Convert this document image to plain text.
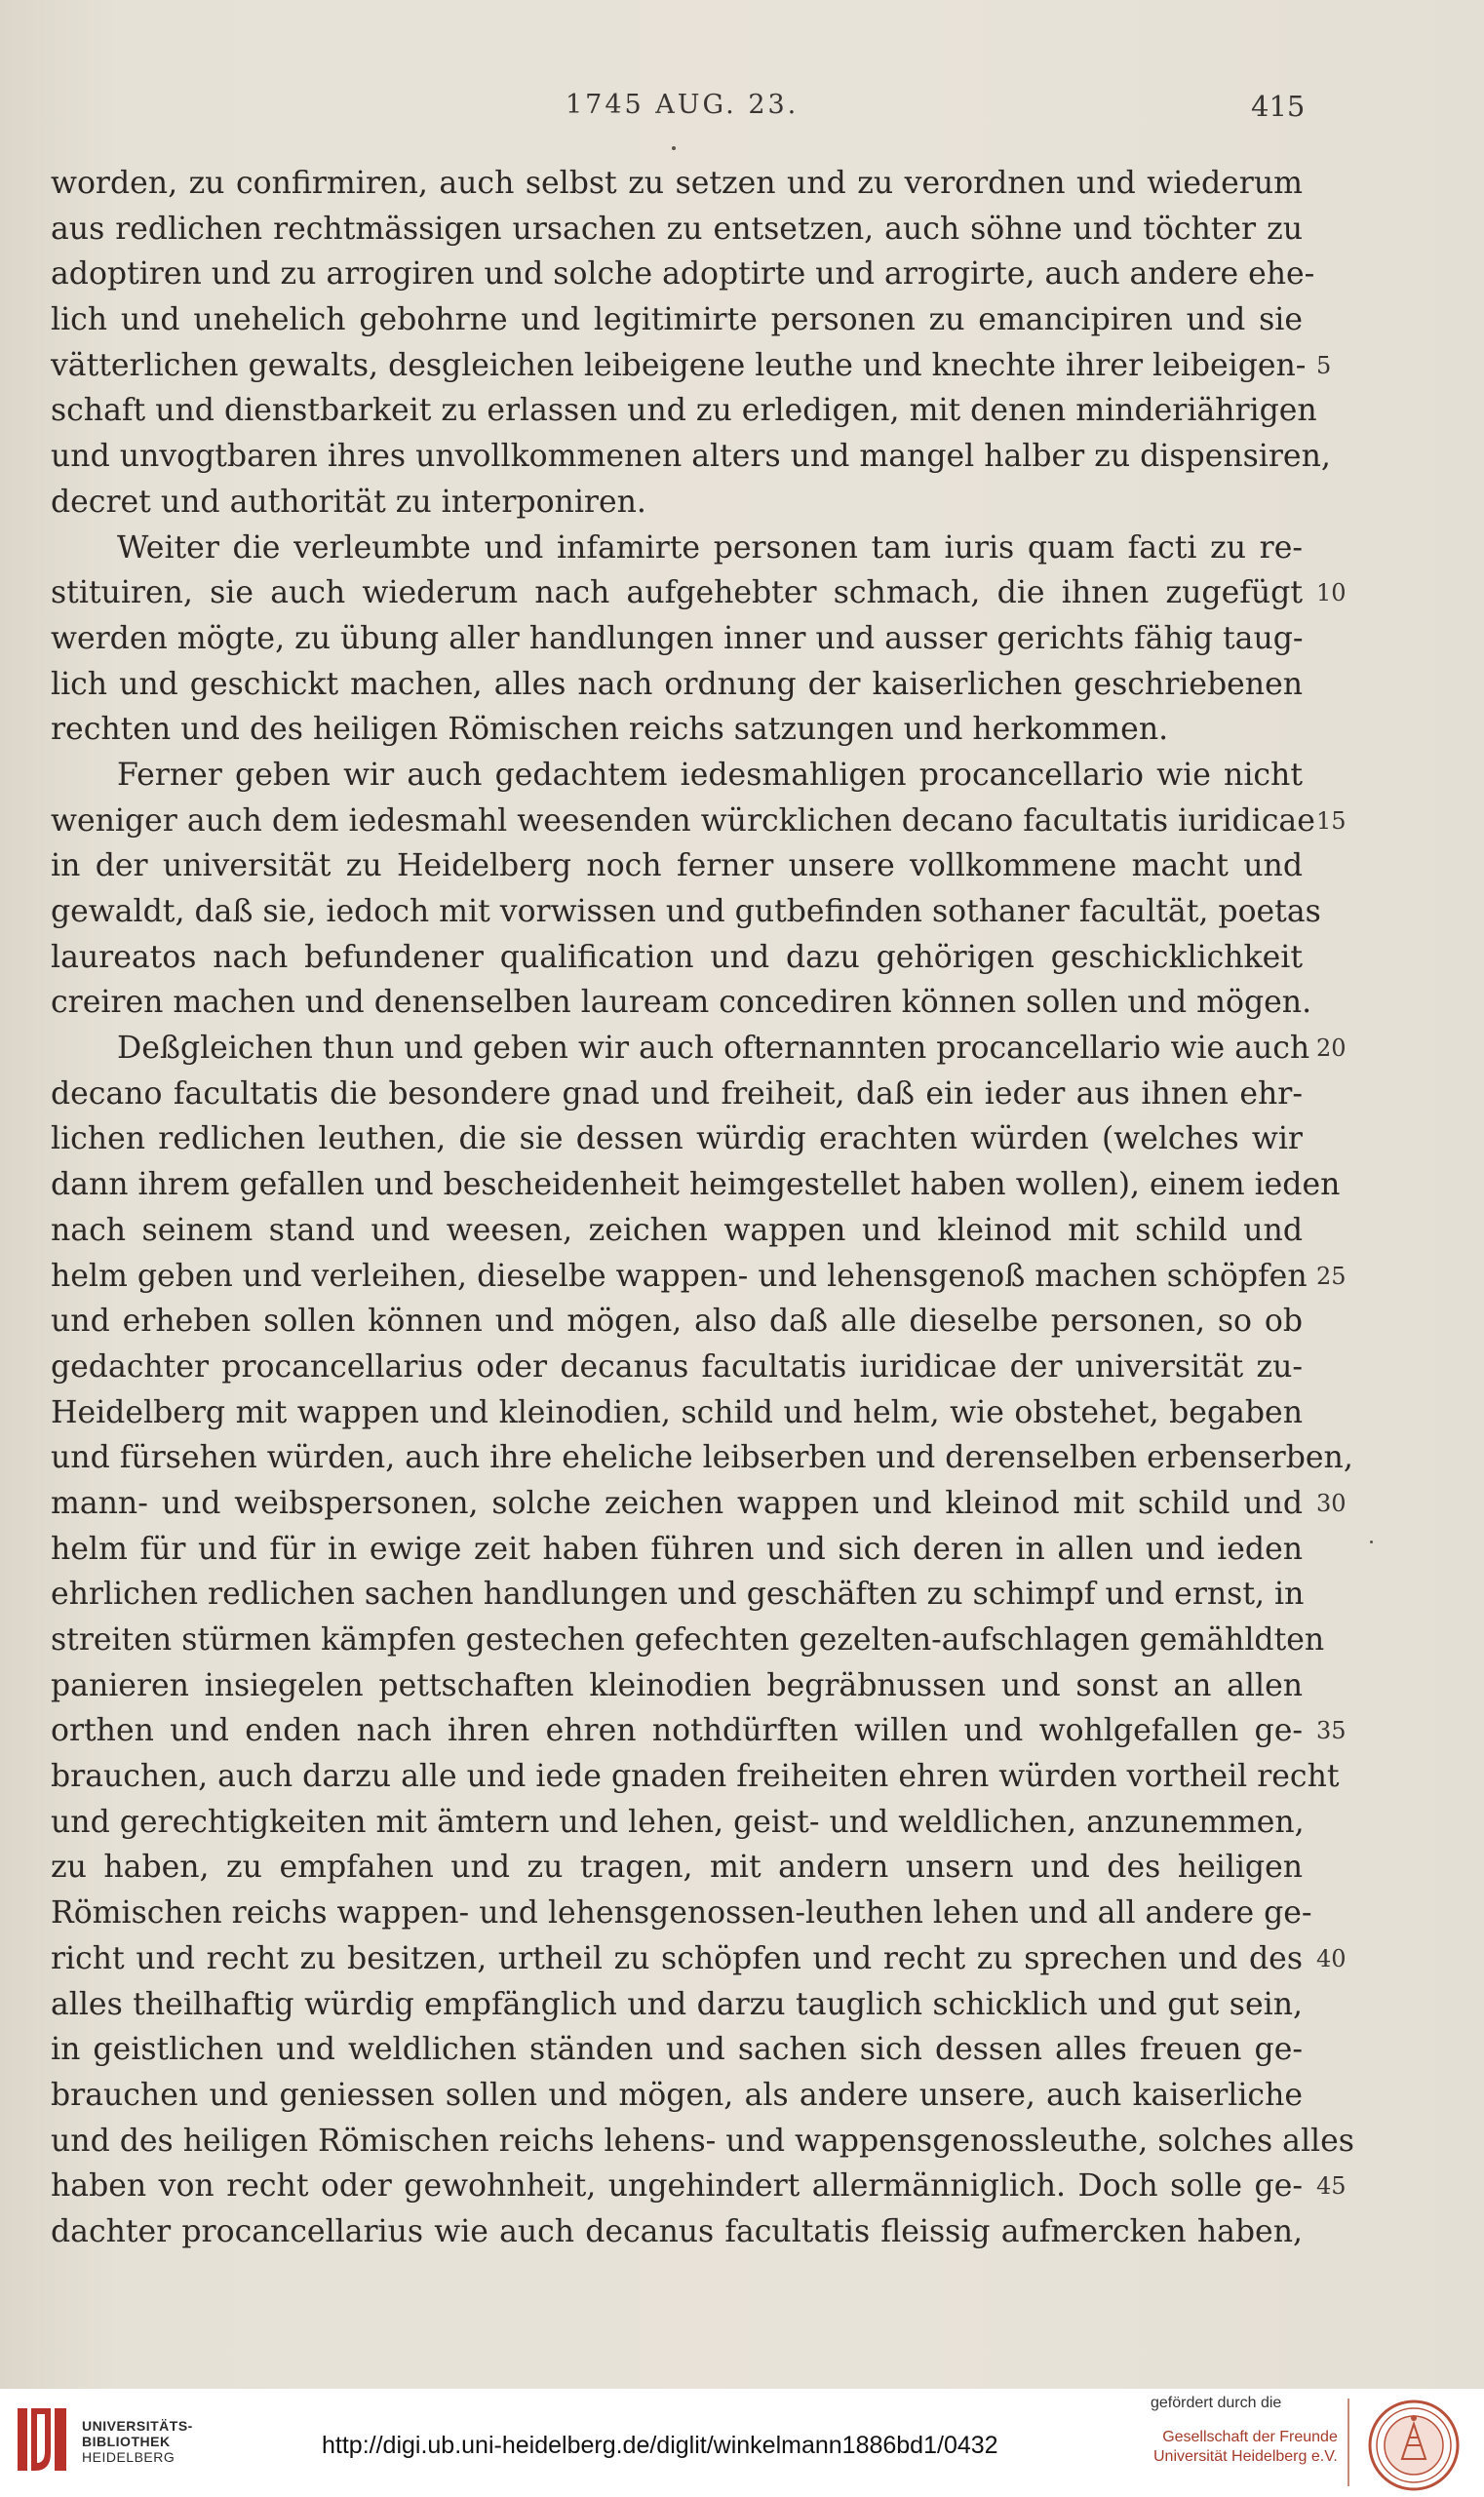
1745 AUG. 23.	415
worden, zu confirmiren, auch selbst zu setzen und zu verordnen und wiederum
aus redlichen rechtmässigen ursachen zu entsetzen, auch söhne und töchter zu
adoptiren und zu arrogiren und solche adoptirte und arrogirte, auch andere ehe-
lich und unehelich gebohrne und legitimirte personen zu emancipiren und sie
vätterlichen gewalts, desgleichen leibeigene leuthe und knechte ihrer leibeigen- 5
schaft und dienstbarkeit zu erlassen und zu erledigen, mit denen minderiährigen
und unvogtbaren ihres unvollkommenen alters und mangel halber zu dispensiren,
decret und authorität zu interponiren.
Weiter die verleumbte und infamirte personen tam iuris quam facti zu re-
stituiren, sie auch wiederum nach aufgehebter schmach, die ihnen zugefügt 10
werden mögte, zu übung aller handlungen inner und ausser gerichts fähig taug-
lich und geschickt machen, alles nach ordnung der kaiserlichen geschriebenen
rechten und des heiligen Römischen reichs satzungen und herkommen.
Ferner geben wir auch gedachtem iedesmahligen procancellario wie nicht
weniger auch dem iedesmahl weesenden würcklichen decano facultatis iuridicae 15
in der universität zu Heidelberg noch ferner unsere vollkommene macht und
gewaldt, daß sie, iedoch mit vorwissen und gutbefinden sothaner facultät, poetas
laureatos nach befundener qualification und dazu gehörigen geschicklichkeit
creiren machen und denenselben lauream concediren können sollen und mögen.
Deßgleichen thun und geben wir auch ofternannten procancellario wie auch 20
decano facultatis die besondere gnad und freiheit, daß ein ieder aus ihnen ehr-
lichen redlichen leuthen, die sie dessen würdig erachten würden (welches wir
dann ihrem gefallen und bescheidenheit heimgestellet haben wollen), einem ieden
nach seinem stand und weesen, zeichen wappen und kleinod mit schild und
helm geben und verleihen, dieselbe wappen- und lehensgenoß machen schöpfen 25
und erheben sollen können und mögen, also daß alle dieselbe personen, so ob
gedachter procancellarius oder decanus facultatis iuridicae der universität zu-
Heidelberg mit wappen und kleinodien, schild und helm, wie obstehet, begaben
und fürsehen würden, auch ihre eheliche leibserben und derenselben erbenserben,
mann- und weibspersonen, solche zeichen wappen und kleinod mit schild und 30
helm für und für in ewige zeit haben führen und sich deren in allen und ieden
ehrlichen redlichen sachen handlungen und geschäften zu schimpf und ernst, in
streiten stürmen kämpfen gestechen gefechten gezelten-aufschlagen gemähldten
panieren insiegelen pettschaften kleinodien begräbnussen und sonst an allen
orthen und enden nach ihren ehren nothdürften willen und wohlgefallen ge- 35
brauchen, auch darzu alle und iede gnaden freiheiten ehren würden vortheil recht
und gerechtigkeiten mit ämtern und lehen, geist- und weldlichen, anzunemmen,
zu haben, zu empfahen und zu tragen, mit andern unsern und des heiligen
Römischen reichs wappen- und lehensgenossen-leuthen lehen und all andere ge-
richt und recht zu besitzen, urtheil zu schöpfen und recht zu sprechen und des 40
alles theilhaftig würdig empfänglich und darzu tauglich schicklich und gut sein,
in geistlichen und weldlichen ständen und sachen sich dessen alles freuen ge-
brauchen und geniessen sollen und mögen, als andere unsere, auch kaiserliche
und des heiligen Römischen reichs lehens- und wappensgenossleuthe, solches alles
haben von recht oder gewohnheit, ungehindert allermänniglich. Doch solle ge- 45
dachter procancellarius wie auch decanus facultatis fleissig aufmercken haben,
UNIVERSITÄTS-
BIBLIOTHEK
HEIDELBERG	http://digi.ub.uni-heidelberg.de/diglit/winkelmann1886bd1/0432
gefördert durch die
Gesellschaft der Freunde
Universität Heidelberg e.V.
